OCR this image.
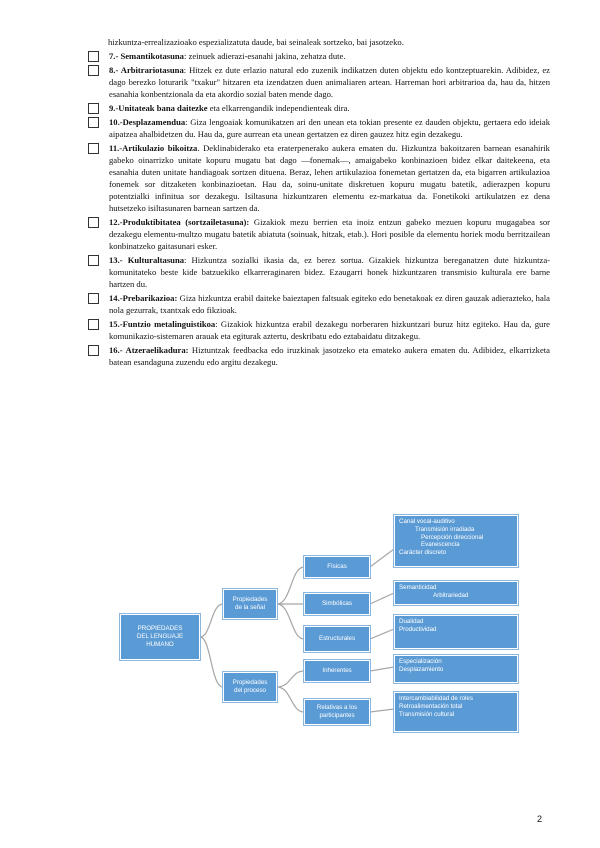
hizkuntza-errealizazioako espezializatuta daude, bai seinaleak sortzeko, bai jasotzeko.
7.- Semantikotasuna: zeinuek adierazi-esanahi jakina, zehatza dute.
8.- Arbitrariotasuna: Hitzek ez dute erlazio natural edo zuzenik indikatzen duten objektu edo kontzeptuarekin. Adibidez, ez dago berezko loturarik "txakur" hitzaren eta izendatzen duen animaliaren artean. Harreman hori arbitrarioa da, hau da, hitzen esanahia konbentzionala da eta akordio sozial baten mende dago.
9.-Unitateak bana daitezke eta elkarrengandik independienteak dira.
10.-Desplazamendua: Giza lengoaiak komunikatzen ari den unean eta tokian presente ez dauden objektu, gertaera edo ideiak aipatzea ahalbidetzen du. Hau da, gure aurrean eta unean gertatzen ez diren gauzez hitz egin dezakegu.
11.-Artikulazio bikoitza. Deklinabiderako eta eraterpenerako aukera ematen du. Hizkuntza bakoitzaren barnean esanahirik gabeko oinarrizko unitate kopuru mugatu bat dago —fonemak—, amaigabeko konbinazioen bidez elkar daitekeena, eta esanahia duten unitate handiagoak sortzen dituena. Beraz, lehen artikulazioa fonemetan gertatzen da, eta bigarren artikulazioa fonemek sor ditzaketen konbinazioetan. Hau da, soinu-unitate diskretuen kopuru mugatu batetik, adierazpen kopuru potentzialki infinitua sor dezakegu. Isiltasuna hizkuntzaren elementu ez-markatua da. Fonetikoki artikulatzen ez dena hutsetzeko isiltasunaren barnean sartzen da.
12.-Produktibitatea (sortzailetasuna): Gizakiok mezu berrien eta inoiz entzun gabeko mezuen kopuru mugagabea sor dezakegu elementu-multzo mugatu batetik abiatuta (soinuak, hitzak, etab.). Hori posible da elementu horiek modu berritzailean konbinatzeko gaitasunari esker.
13.- Kulturaltasuna: Hizkuntza sozialki ikasia da, ez berez sortua. Gizakiek hizkuntza bereganatzen dute hizkuntza-komunitateko beste kide batzuekiko elkarreraginaren bidez. Ezaugarri honek hizkuntzaren transmisio kulturala ere barne hartzen du.
14.-Prebarikazioa: Giza hizkuntza erabil daiteke baieztapen faltsuak egiteko edo benetakoak ez diren gauzak adierazteko, hala nola gezurrak, txantxak edo fikzioak.
15.-Funtzio metalinguistikoa: Gizakiok hizkuntza erabil dezakegu norberaren hizkuntzari buruz hitz egiteko. Hau da, gure komunikazio-sistemaren arauak eta egiturak aztertu, deskribatu edo eztabaidatu ditzakegu.
16.- Atzeraelikadura: Hiztuntzak feedbacka edo iruzkinak jasotzeko eta emateko aukera ematen du. Adibidez, elkarrizketa batean esandaguna zuzendu edo argitu dezakegu.
PROPIEDADES
DEL LENGUAJE
HUMANO
Propiedades
de la señal
Propiedades
del proceso
Físicas
Simbólicas
Estructurales
Inherentes
Relativas a los
participantes
Canal vocal-auditivo
Transmisión irradiada
Percepción direccional
Evanescencia
Carácter discreto
Semanticidad
Arbitrariedad
Dualidad
Productividad
Especialización
Desplazamiento
Intercambiabilidad de roles
Retroalimentación total
Transmisión cultural
2
